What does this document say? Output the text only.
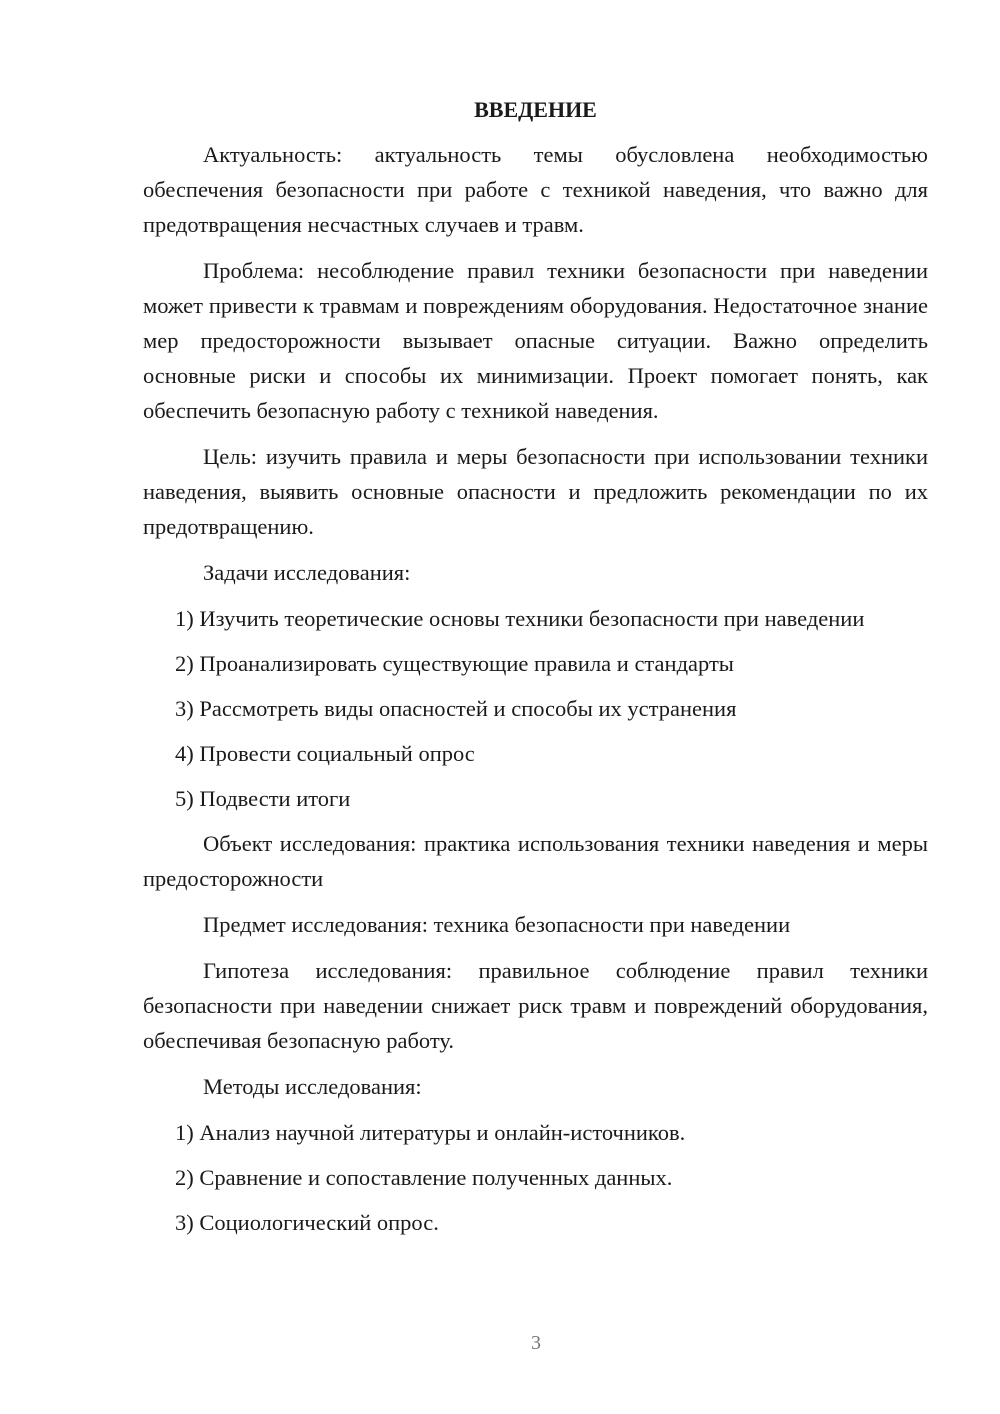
ВВЕДЕНИЕ

Актуальность: актуальность темы обусловлена необходимостью обеспечения безопасности при работе с техникой наведения, что важно для предотвращения несчастных случаев и травм.

Проблема: несоблюдение правил техники безопасности при наведении может привести к травмам и повреждениям оборудования. Недостаточное знание мер предосторожности вызывает опасные ситуации. Важно определить основные риски и способы их минимизации. Проект помогает понять, как обеспечить безопасную работу с техникой наведения.

Цель: изучить правила и меры безопасности при использовании техники наведения, выявить основные опасности и предложить рекомендации по их предотвращению.

Задачи исследования:

1) Изучить теоретические основы техники безопасности при наведении

2) Проанализировать существующие правила и стандарты

3) Рассмотреть виды опасностей и способы их устранения

4) Провести социальный опрос

5) Подвести итоги

Объект исследования: практика использования техники наведения и меры предосторожности

Предмет исследования: техника безопасности при наведении

Гипотеза исследования: правильное соблюдение правил техники безопасности при наведении снижает риск травм и повреждений оборудования, обеспечивая безопасную работу.

Методы исследования:

1) Анализ научной литературы и онлайн-источников.

2) Сравнение и сопоставление полученных данных.

3) Социологический опрос.

3
